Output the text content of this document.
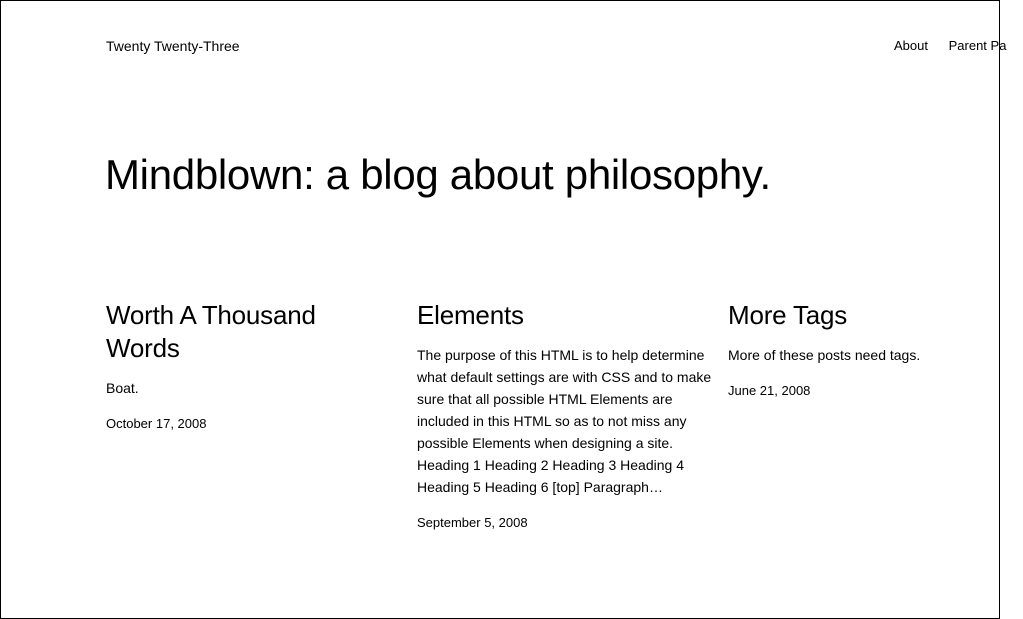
Twenty Twenty-Three	About Parent Pa
Mindblown: a blog about philosophy.
Worth A Thousand Words

Boat.

October 17, 2008
Elements

The purpose of this HTML is to help determine what default settings are with CSS and to make sure that all possible HTML Elements are included in this HTML so as to not miss any possible Elements when designing a site. Heading 1 Heading 2 Heading 3 Heading 4 Heading 5 Heading 6 [top] Paragraph…

September 5, 2008
More Tags

More of these posts need tags.

June 21, 2008
